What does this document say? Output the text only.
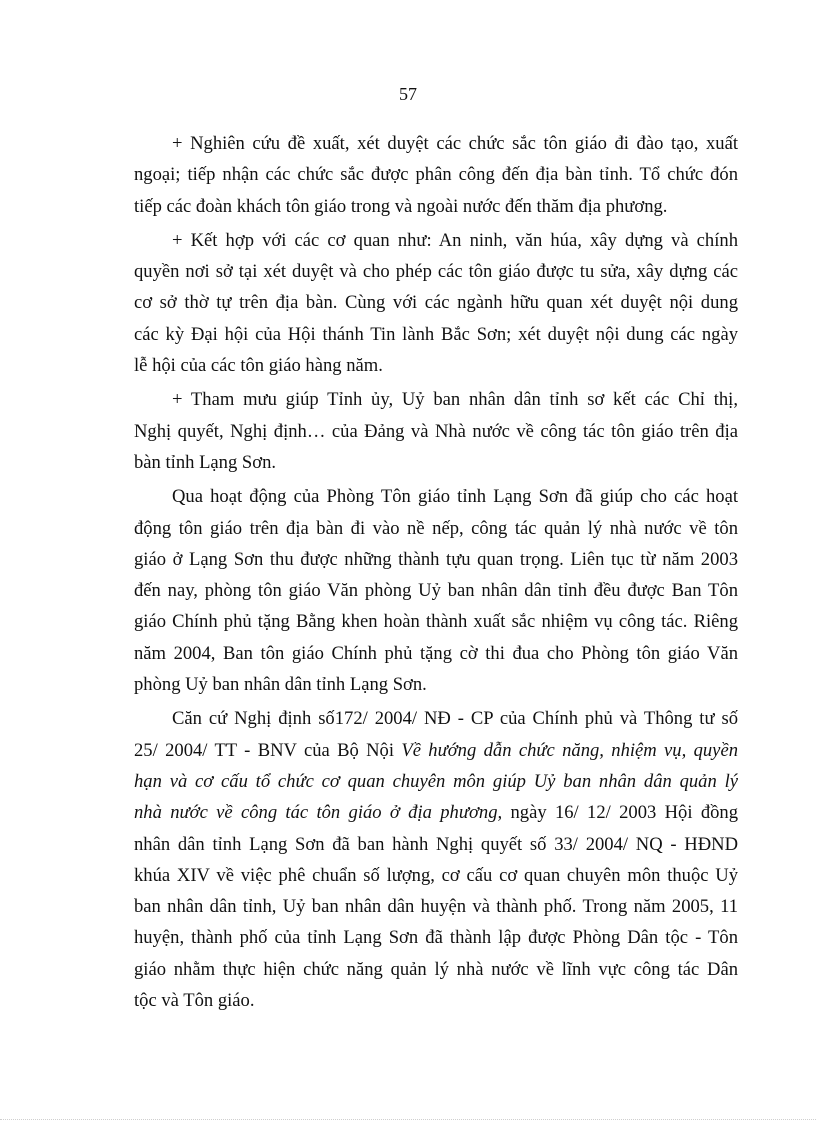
57
+ Nghiên cứu đề xuất, xét duyệt các chức sắc tôn giáo đi đào tạo, xuất
ngoại; tiếp nhận các chức sắc được phân công đến địa bàn tỉnh. Tổ chức đón
tiếp các đoàn khách tôn giáo trong và ngoài nước đến thăm địa phương.
+ Kết hợp với các cơ quan như: An ninh, văn húa, xây dựng và chính
quyền nơi sở tại xét duyệt và cho phép các tôn giáo được tu sửa, xây dựng các
cơ sở thờ tự trên địa bàn. Cùng với các ngành hữu quan xét duyệt nội dung
các kỳ Đại hội của Hội thánh Tin lành Bắc Sơn; xét duyệt nội dung các ngày
lễ hội của các tôn giáo hàng năm.
+ Tham mưu giúp Tỉnh ủy, Uỷ ban nhân dân tỉnh sơ kết các Chỉ thị,
Nghị quyết, Nghị định… của Đảng và Nhà nước về công tác tôn giáo trên địa
bàn tỉnh Lạng Sơn.
Qua hoạt động của Phòng Tôn giáo tỉnh Lạng Sơn đã giúp cho các hoạt
động tôn giáo trên địa bàn đi vào nề nếp, công tác quản lý nhà nước về tôn
giáo ở Lạng Sơn thu được những thành tựu quan trọng. Liên tục từ năm 2003
đến nay, phòng tôn giáo Văn phòng Uỷ ban nhân dân tỉnh đều được Ban Tôn
giáo Chính phủ tặng Bằng khen hoàn thành xuất sắc nhiệm vụ công tác. Riêng
năm 2004, Ban tôn giáo Chính phủ tặng cờ thi đua cho Phòng tôn giáo Văn
phòng Uỷ ban nhân dân tỉnh Lạng Sơn.
Căn cứ Nghị định số172/ 2004/ NĐ - CP của Chính phủ và Thông tư số
25/ 2004/ TT - BNV của Bộ Nội Về hướng dẫn chức năng, nhiệm vụ, quyền
hạn và cơ cấu tổ chức cơ quan chuyên môn giúp Uỷ ban nhân dân quản lý
nhà nước về công tác tôn giáo ở địa phương, ngày 16/ 12/ 2003 Hội đồng
nhân dân tỉnh Lạng Sơn đã ban hành Nghị quyết số 33/ 2004/ NQ - HĐND
khúa XIV về việc phê chuẩn số lượng, cơ cấu cơ quan chuyên môn thuộc Uỷ
ban nhân dân tỉnh, Uỷ ban nhân dân huyện và thành phố. Trong năm 2005, 11
huyện, thành phố của tỉnh Lạng Sơn đã thành lập được Phòng Dân tộc - Tôn
giáo nhằm thực hiện chức năng quản lý nhà nước về lĩnh vực công tác Dân
tộc và Tôn giáo.
